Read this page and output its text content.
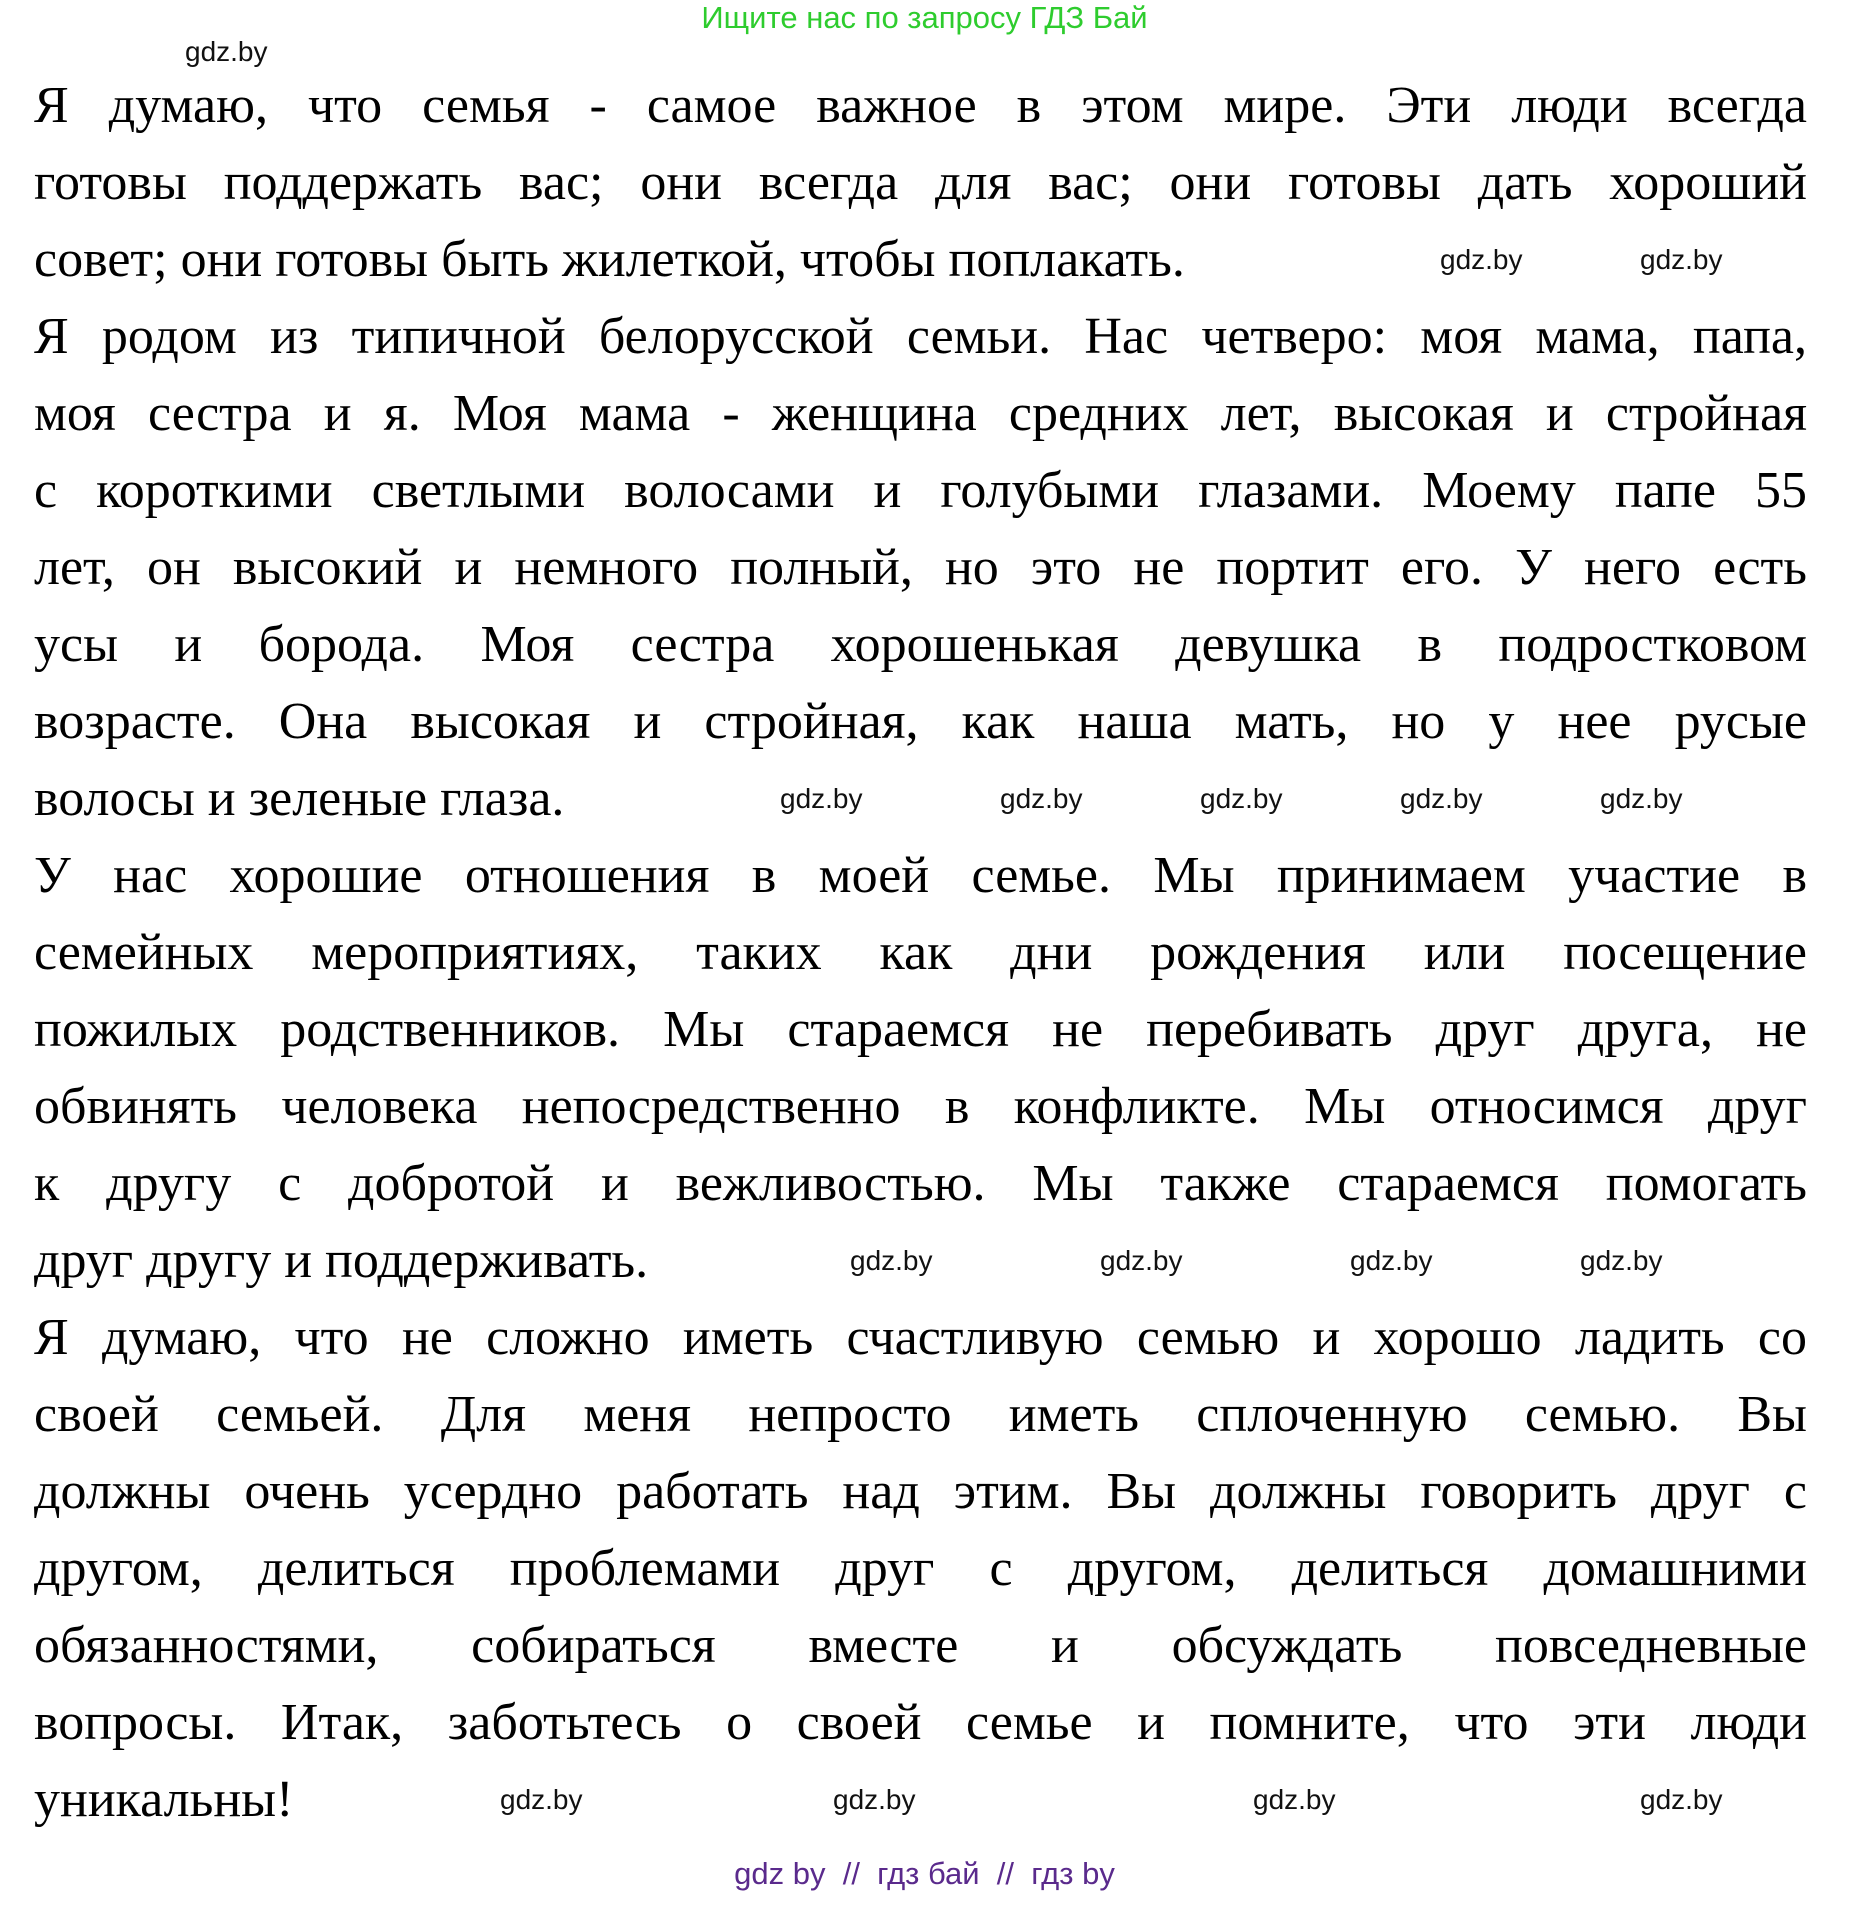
Ищите нас по запросу ГДЗ Бай
Я думаю, что семья - самое важное в этом мире. Эти люди всегда
готовы поддержать вас; они всегда для вас; они готовы дать хороший
совет; они готовы быть жилеткой, чтобы поплакать.
Я родом из типичной белорусской семьи. Нас четверо: моя мама, папа,
моя сестра и я. Моя мама - женщина средних лет, высокая и стройная
с короткими светлыми волосами и голубыми глазами. Моему папе 55
лет, он высокий и немного полный, но это не портит его. У него есть
усы и борода. Моя сестра хорошенькая девушка в подростковом
возрасте. Она высокая и стройная, как наша мать, но у нее русые
волосы и зеленые глаза.
У нас хорошие отношения в моей семье. Мы принимаем участие в
семейных мероприятиях, таких как дни рождения или посещение
пожилых родственников. Мы стараемся не перебивать друг друга, не
обвинять человека непосредственно в конфликте. Мы относимся друг
к другу с добротой и вежливостью. Мы также стараемся помогать
друг другу и поддерживать.
Я думаю, что не сложно иметь счастливую семью и хорошо ладить со
своей семьей. Для меня непросто иметь сплоченную семью. Вы
должны очень усердно работать над этим. Вы должны говорить друг с
другом, делиться проблемами друг с другом, делиться домашними
обязанностями, собираться вместе и обсуждать повседневные
вопросы. Итак, заботьтесь о своей семье и помните, что эти люди
уникальны!
gdz.by
gdz.by	gdz.by
gdz.by	gdz.by	gdz.by	gdz.by	gdz.by
gdz.by	gdz.by	gdz.by	gdz.by
gdz.by	gdz.by	gdz.by	gdz.by
gdz by  //  гдз бай  //  гдз by
